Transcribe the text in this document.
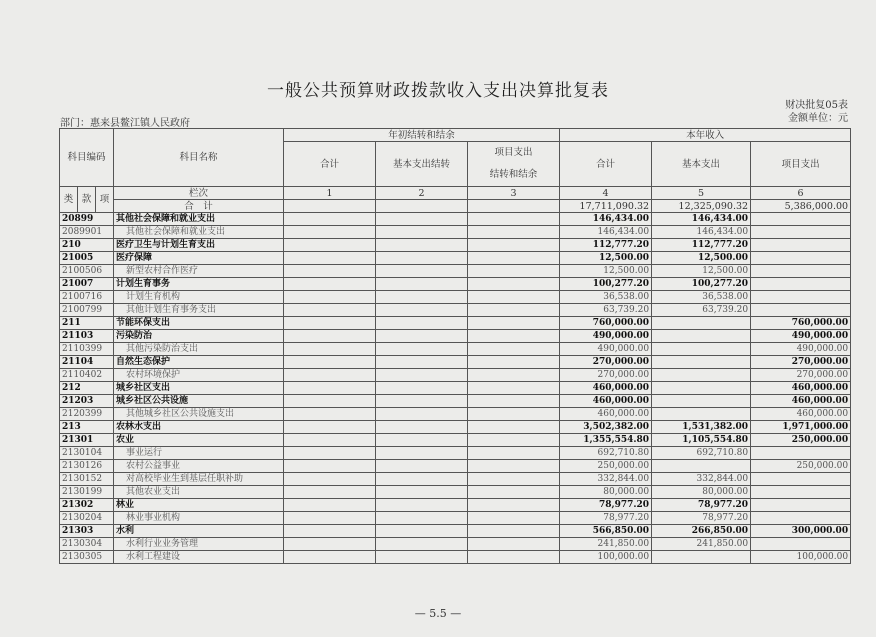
一般公共预算财政拨款收入支出决算批复表
部门：惠来县鳌江镇人民政府
财决批复05表
金额单位：元
科目编码			科目名称	年初结转和结余			本年收入		
				合计	基本支出结转	项目支出
结转和结余	合计	基本支出	项目支出

类	款	项	栏次	1	2	3	4	5	6
			合　计				17,711,090.32	12,325,090.32	5,386,000.00
20899			其他社会保障和就业支出				146,434.00	146,434.00	
2089901			其他社会保障和就业支出				146,434.00	146,434.00	
210			医疗卫生与计划生育支出				112,777.20	112,777.20	
21005			医疗保障				12,500.00	12,500.00	
2100506			新型农村合作医疗				12,500.00	12,500.00	
21007			计划生育事务				100,277.20	100,277.20	
2100716			计划生育机构				36,538.00	36,538.00	
2100799			其他计划生育事务支出				63,739.20	63,739.20	
211			节能环保支出				760,000.00		760,000.00
21103			污染防治				490,000.00		490,000.00
2110399			其他污染防治支出				490,000.00		490,000.00
21104			自然生态保护				270,000.00		270,000.00
2110402			农村环境保护				270,000.00		270,000.00
212			城乡社区支出				460,000.00		460,000.00
21203			城乡社区公共设施				460,000.00		460,000.00
2120399			其他城乡社区公共设施支出				460,000.00		460,000.00
213			农林水支出				3,502,382.00	1,531,382.00	1,971,000.00
21301			农业				1,355,554.80	1,105,554.80	250,000.00
2130104			事业运行				692,710.80	692,710.80	
2130126			农村公益事业				250,000.00		250,000.00
2130152			对高校毕业生到基层任职补助				332,844.00	332,844.00	
2130199			其他农业支出				80,000.00	80,000.00	
21302			林业				78,977.20	78,977.20	
2130204			林业事业机构				78,977.20	78,977.20	
21303			水利				566,850.00	266,850.00	300,000.00
2130304			水利行业业务管理				241,850.00	241,850.00	
2130305			水利工程建设				100,000.00		100,000.00
— 5.5 —
